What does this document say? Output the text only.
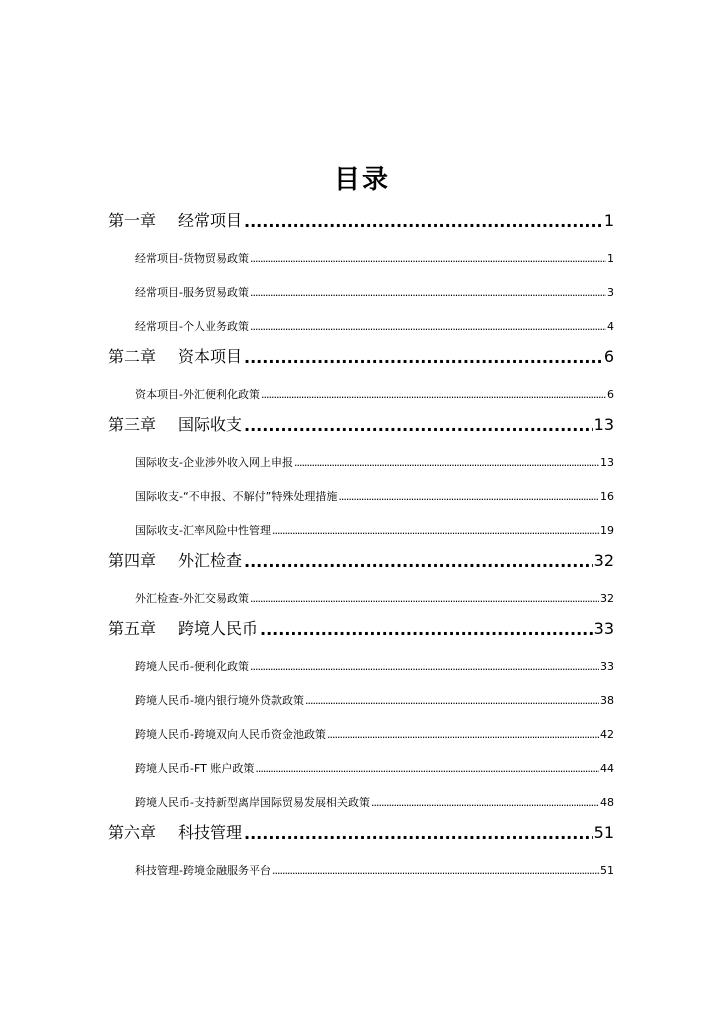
目录
第一章 经常项目 .....	1
经常项目-货物贸易政策 .....	1
经常项目-服务贸易政策 .....	3
经常项目-个人业务政策 .....	4
第二章 资本项目 .....	6
资本项目-外汇便利化政策 .....	6
第三章 国际收支 .....	13
国际收支-企业涉外收入网上申报 .....	13
国际收支-“不申报、不解付”特殊处理措施 .....	16
国际收支-汇率风险中性管理 .....	19
第四章 外汇检查 .....	32
外汇检查-外汇交易政策 .....	32
第五章 跨境人民币 .....	33
跨境人民币-便利化政策 .....	33
跨境人民币-境内银行境外贷款政策 .....	38
跨境人民币-跨境双向人民币资金池政策 .....	42
跨境人民币-FT 账户政策 .....	44
跨境人民币-支持新型离岸国际贸易发展相关政策 .....	48
第六章 科技管理 .....	51
科技管理-跨境金融服务平台 .....	51
